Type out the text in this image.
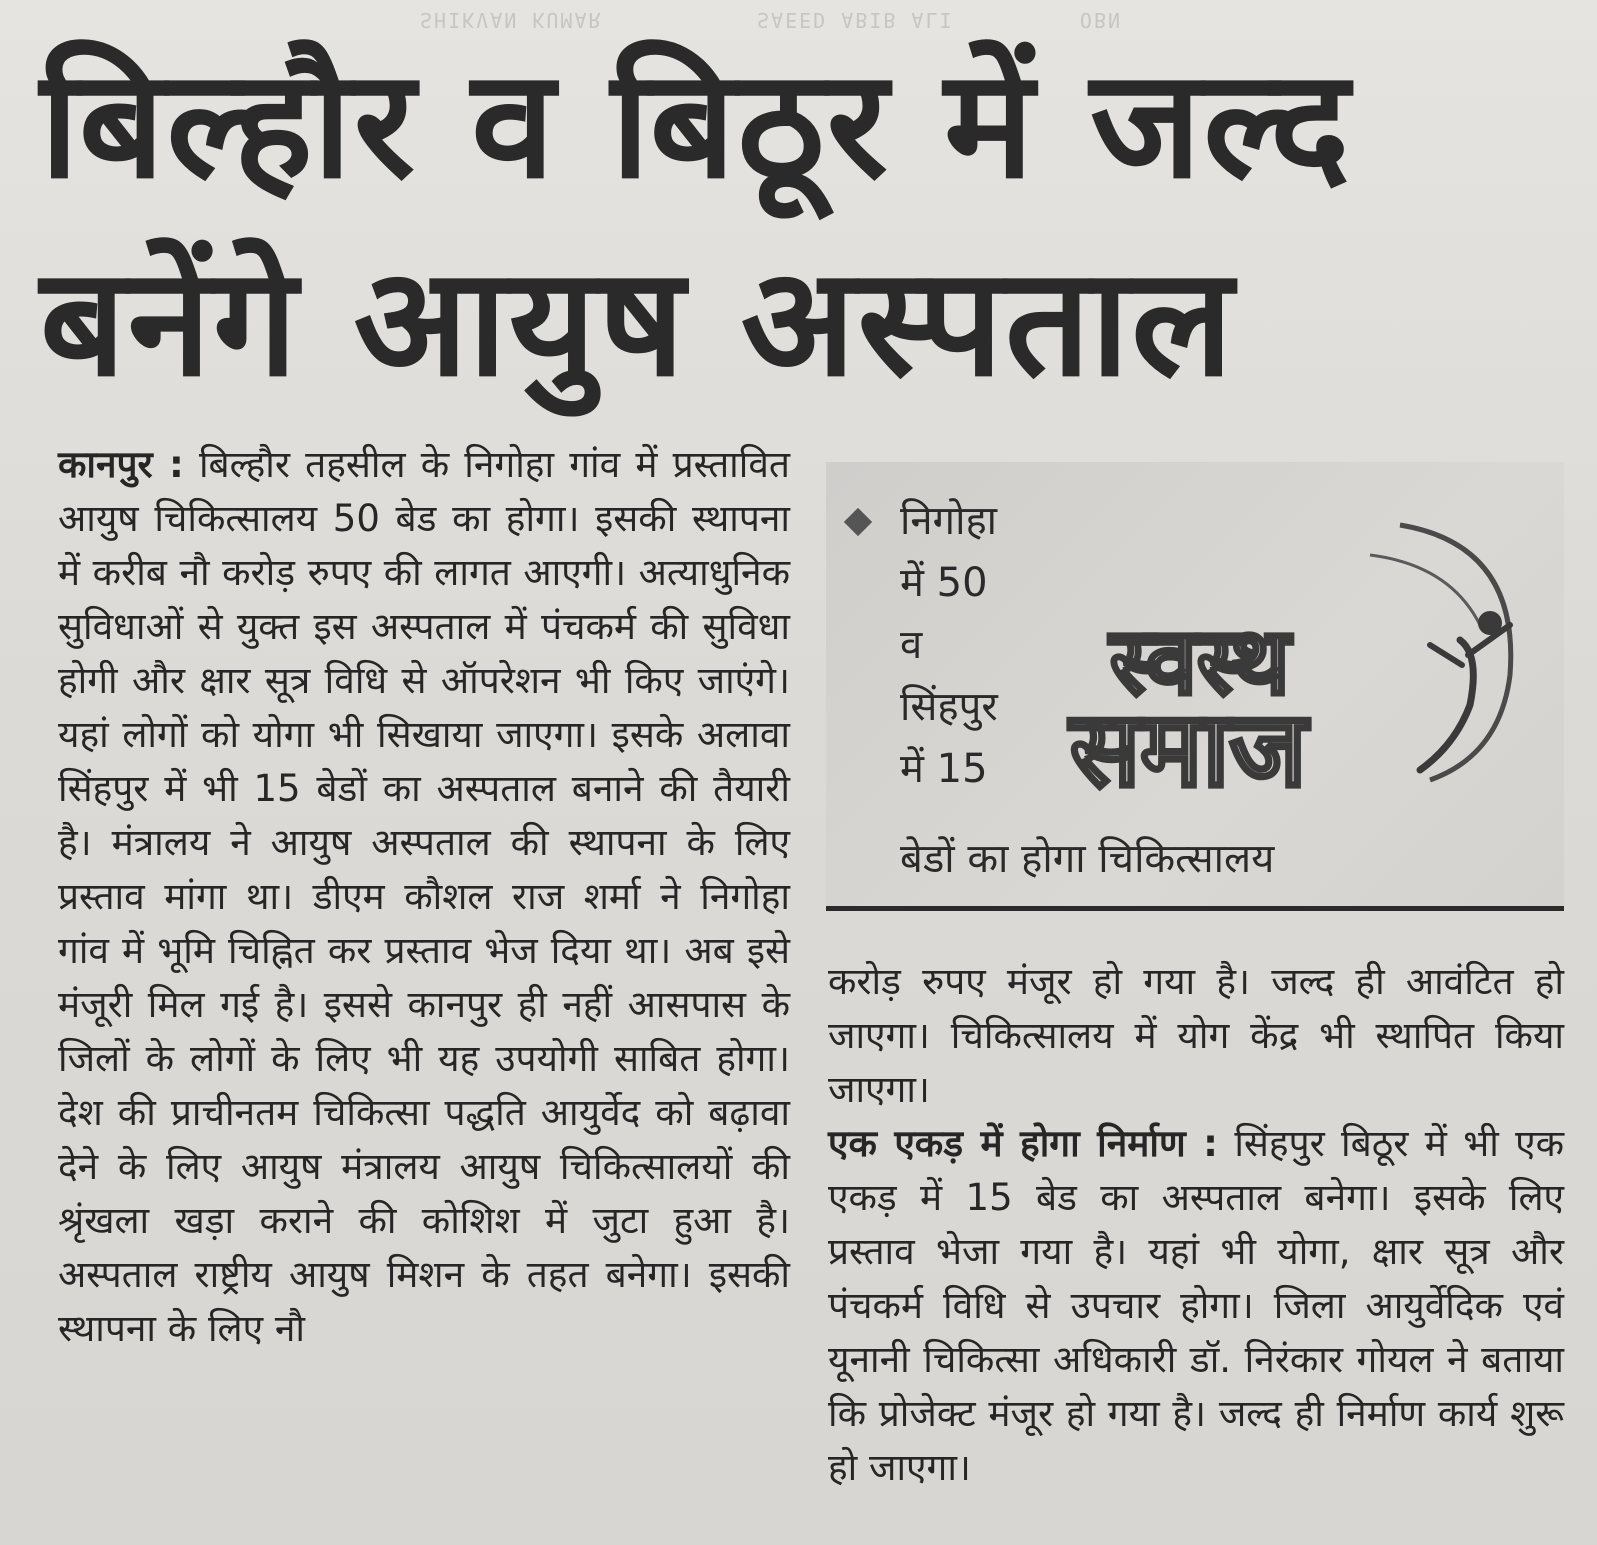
SHIKVAN KUMAR           SAEED ABIB ALI         OBN
बिल्हौर व बिठूर में जल्द
बनेंगे आयुष अस्पताल
कानपुर : बिल्हौर तहसील के निगोहा गांव में प्रस्तावित आयुष चिकित्सालय 50 बेड का होगा। इसकी स्थापना में करीब नौ करोड़ रुपए की लागत आएगी। अत्याधुनिक सुविधाओं से युक्त इस अस्पताल में पंचकर्म की सुविधा होगी और क्षार सूत्र विधि से ऑपरेशन भी किए जाएंगे। यहां लोगों को योगा भी सिखाया जाएगा। इसके अलावा सिंहपुर में भी 15 बेडों का अस्पताल बनाने की तैयारी है। मंत्रालय ने आयुष अस्पताल की स्थापना के लिए प्रस्ताव मांगा था। डीएम कौशल राज शर्मा ने निगोहा गांव में भूमि चिह्नित कर प्रस्ताव भेज दिया था। अब इसे मंजूरी मिल गई है। इससे कानपुर ही नहीं आसपास के जिलों के लोगों के लिए भी यह उपयोगी साबित होगा। देश की प्राचीनतम चिकित्सा पद्धति आयुर्वेद को बढ़ावा देने के लिए आयुष मंत्रालय आयुष चिकित्सालयों की श्रृंखला खड़ा कराने की कोशिश में जुटा हुआ है। अस्पताल राष्ट्रीय आयुष मिशन के तहत बनेगा। इसकी स्थापना के लिए नौ
निगोहा
में 50
व
सिंहपुर
में 15
बेडों का होगा चिकित्सालय
स्वस्थ
समाज
करोड़ रुपए मंजूर हो गया है। जल्द ही आवंटित हो जाएगा। चिकित्सालय में योग केंद्र भी स्थापित किया जाएगा।
एक एकड़ में होगा निर्माण : सिंहपुर बिठूर में भी एक एकड़ में 15 बेड का अस्पताल बनेगा। इसके लिए प्रस्ताव भेजा गया है। यहां भी योगा, क्षार सूत्र और पंचकर्म विधि से उपचार होगा। जिला आयुर्वेदिक एवं यूनानी चिकित्सा अधिकारी डॉ. निरंकार गोयल ने बताया कि प्रोजेक्ट मंजूर हो गया है। जल्द ही निर्माण कार्य शुरू हो जाएगा।
